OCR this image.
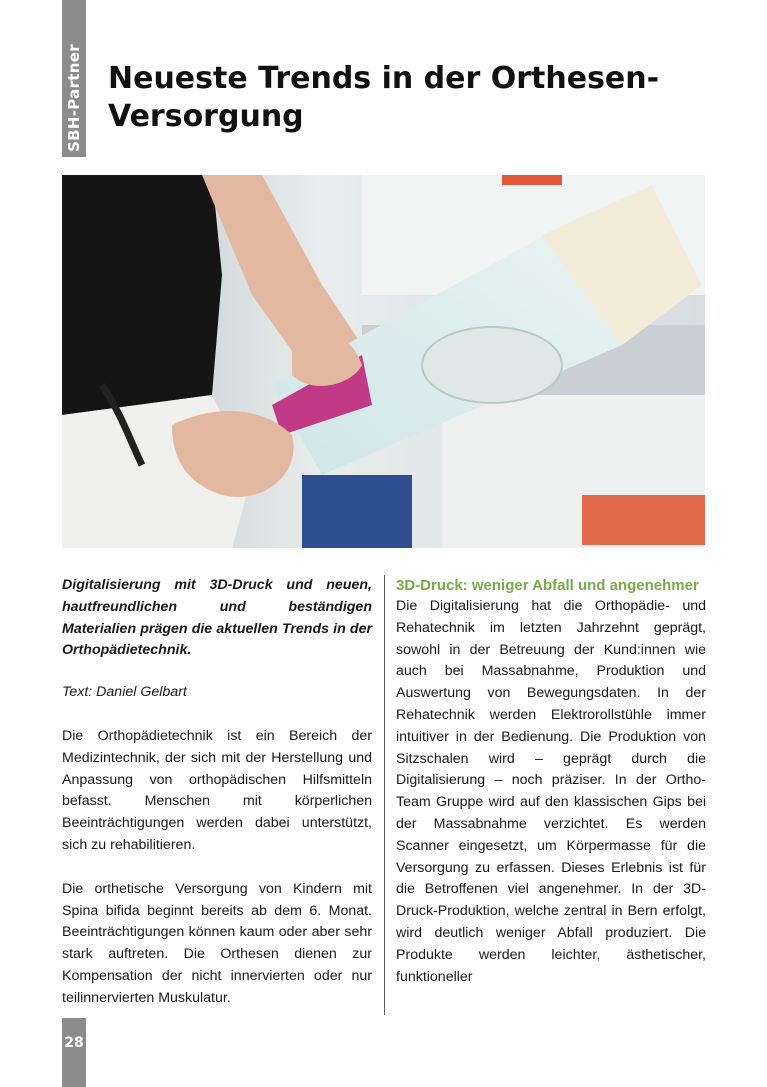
SBH-Partner Neueste Trends in der Orthesen-Versorgung

Digitalisierung mit 3D-Druck und neuen, hautfreundlichen und beständigen Materialien prägen die aktuellen Trends in der Orthopädietechnik.

Text: Daniel Gelbart

Die Orthopädietechnik ist ein Bereich der Medizintechnik, der sich mit der Herstellung und Anpassung von orthopädischen Hilfsmitteln befasst. Menschen mit körperlichen Beeinträchtigungen werden dabei unterstützt, sich zu rehabilitieren.

Die orthetische Versorgung von Kindern mit Spina bifida beginnt bereits ab dem 6. Monat. Beeinträchtigungen können kaum oder aber sehr stark auftreten. Die Orthesen dienen zur Kompensation der nicht innervierten oder nur teilinnervierten Muskulatur.

3D-Druck: weniger Abfall und angenehmer

Die Digitalisierung hat die Orthopädie- und Rehatechnik im letzten Jahrzehnt geprägt, sowohl in der Betreuung der Kund:innen wie auch bei Massabnahme, Produktion und Auswertung von Bewegungsdaten. In der Rehatechnik werden Elektrorollstühle immer intuitiver in der Bedienung. Die Produktion von Sitzschalen wird – geprägt durch die Digitalisierung – noch präziser. In der Ortho-Team Gruppe wird auf den klassischen Gips bei der Massabnahme verzichtet. Es werden Scanner eingesetzt, um Körpermasse für die Versorgung zu erfassen. Dieses Erlebnis ist für die Betroffenen viel angenehmer. In der 3D-Druck-Produktion, welche zentral in Bern erfolgt, wird deutlich weniger Abfall produziert. Die Produkte werden leichter, ästhetischer, funktioneller

28
